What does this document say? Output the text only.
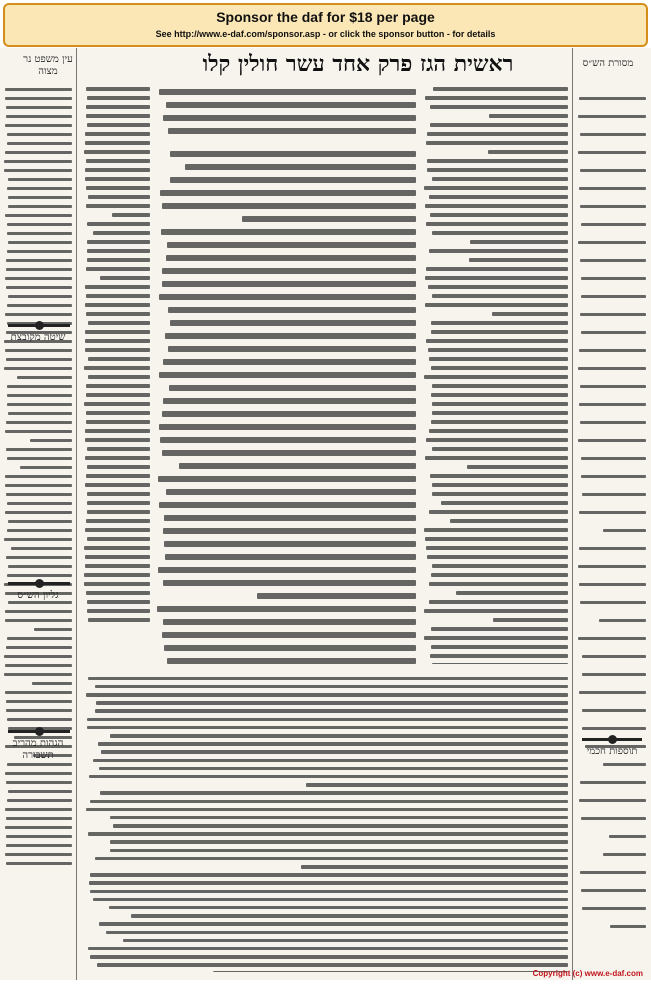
Sponsor the daf for $18 per page
See http://www.e-daf.com/sponsor.asp - or click the sponsor button - for details
ראשית הגז פרק אחד עשר חולין קלו
עין משפט נר מצוה
מסורת הש״ס
שיטה מקובצת
גליון הש״ס
הגהות מהריב תשבורה	תוספות חכמי
Copyright (c) www.e-daf.com
